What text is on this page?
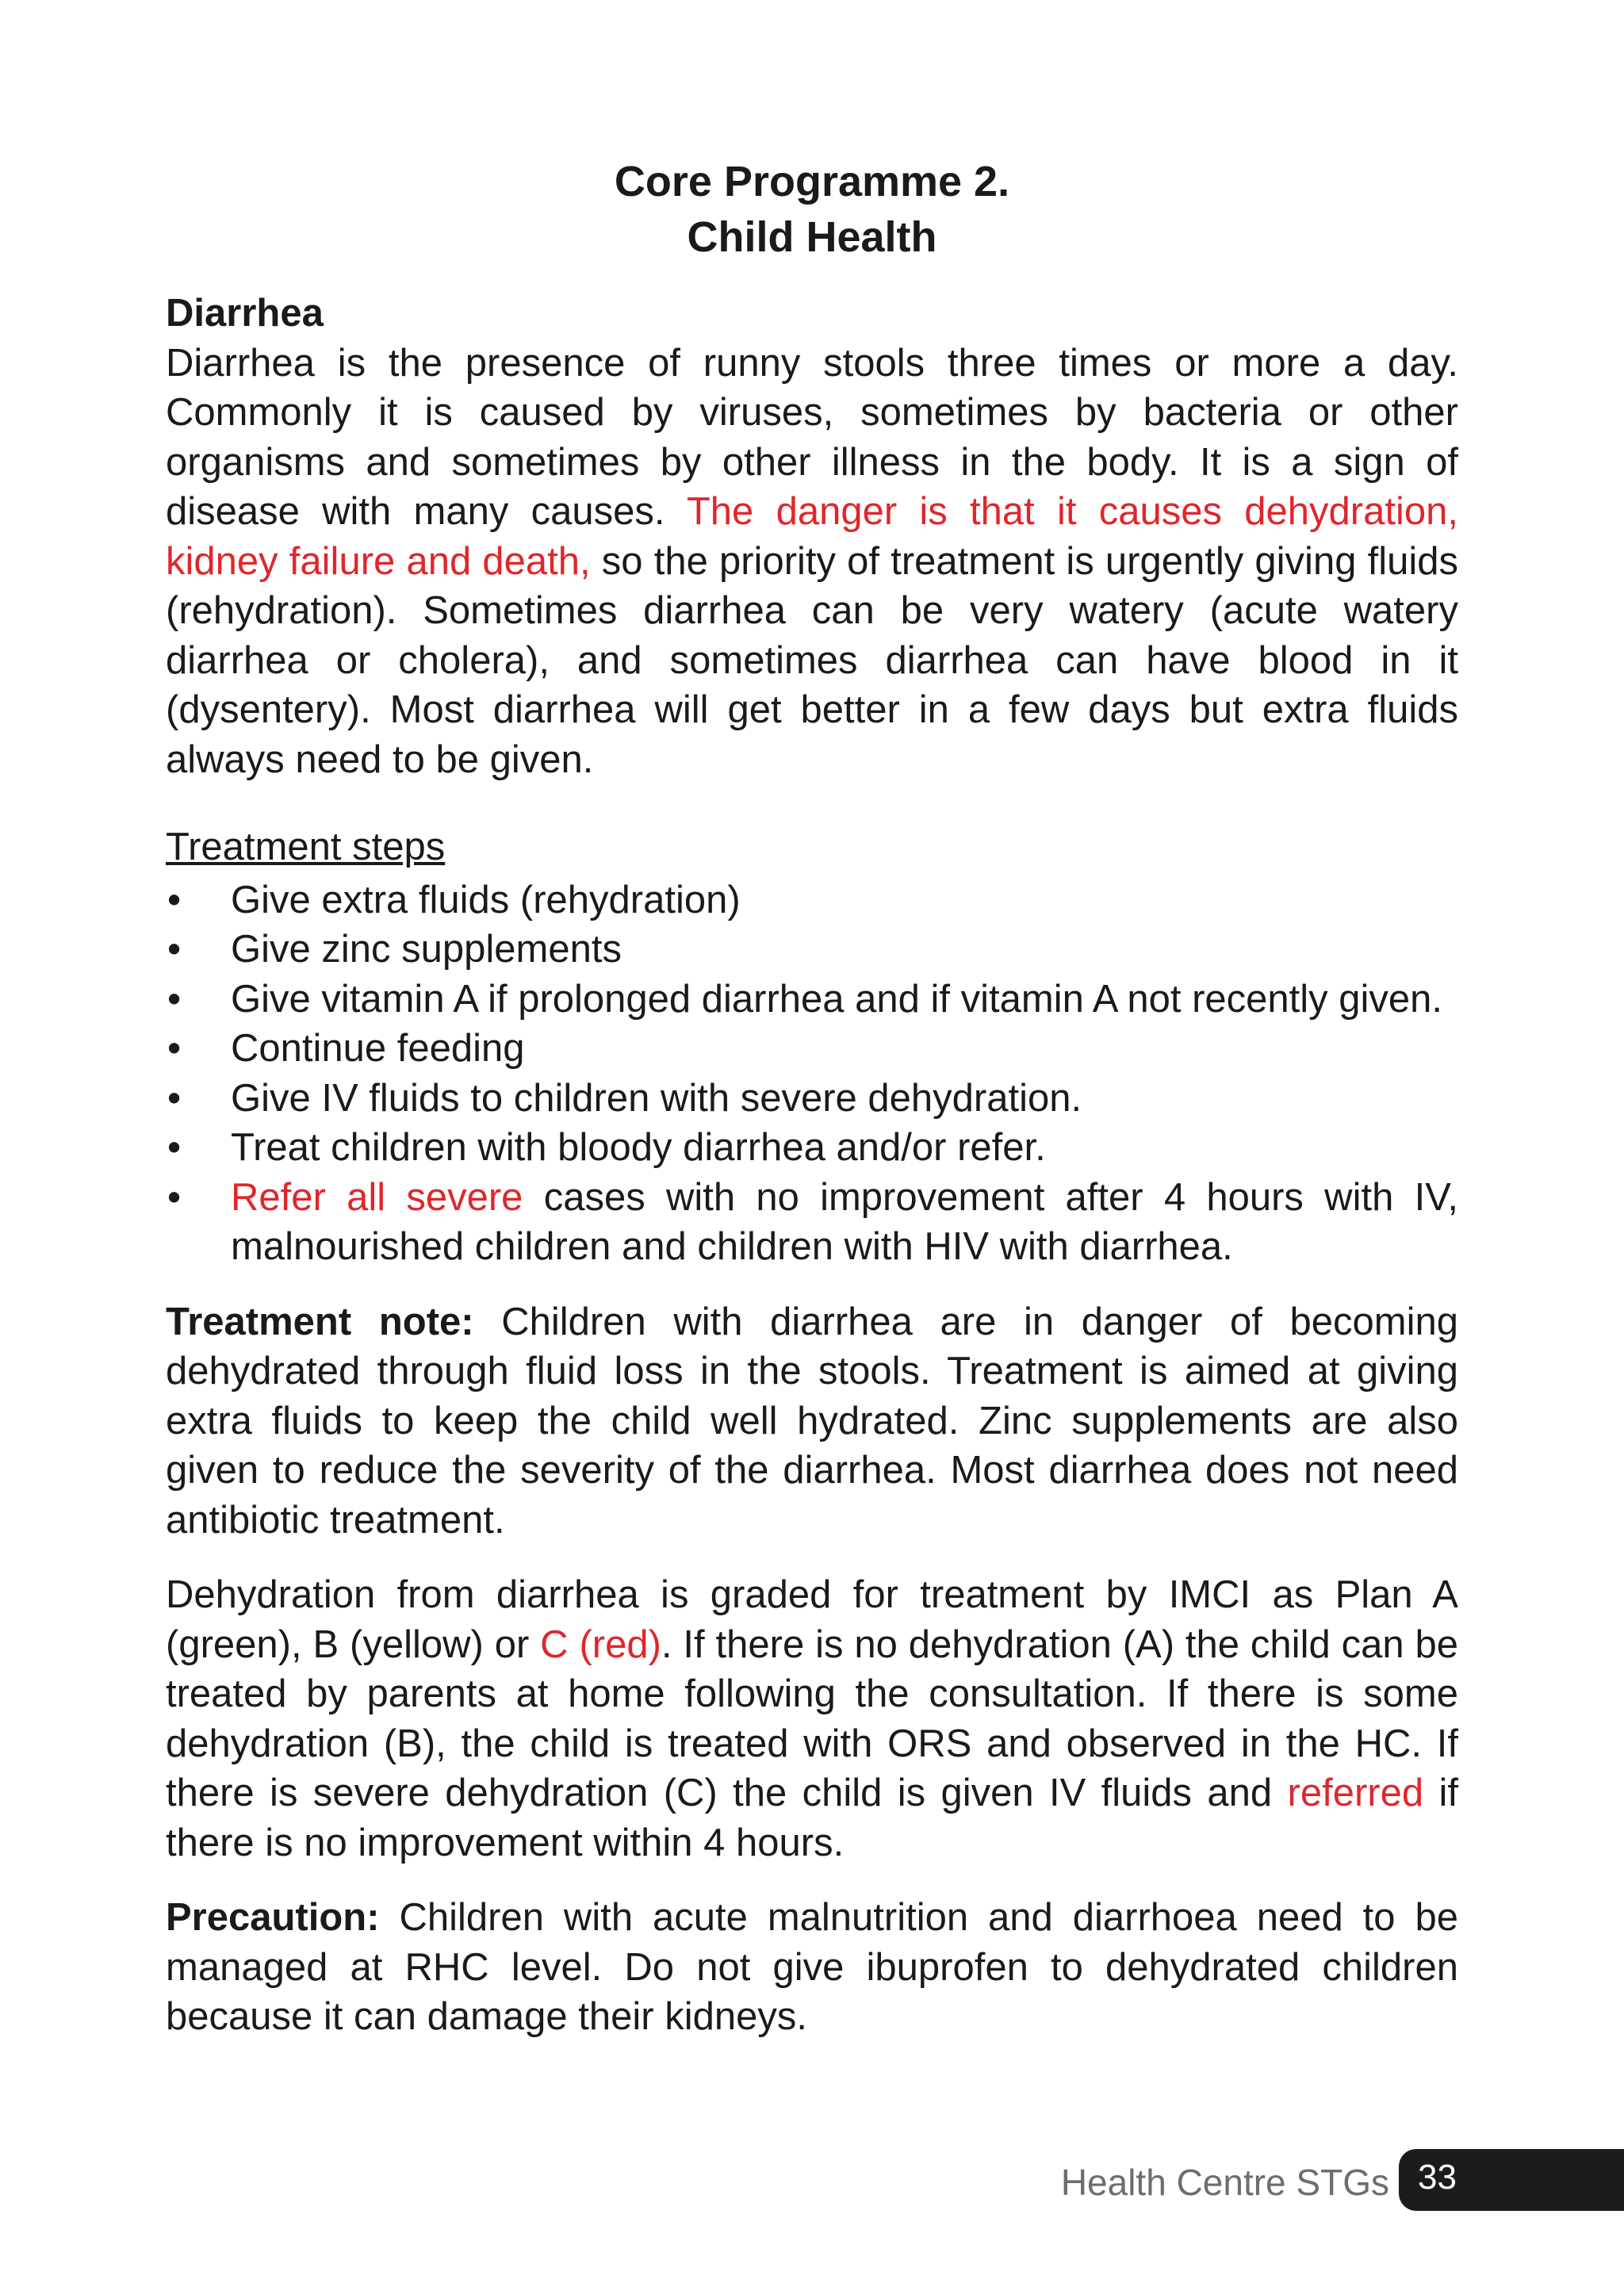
Core Programme 2.
Child Health

Diarrhea

Diarrhea is the presence of runny stools three times or more a day. Commonly it is caused by viruses, sometimes by bacteria or other organisms and sometimes by other illness in the body. It is a sign of disease with many causes. The danger is that it causes dehydration, kidney failure and death, so the priority of treatment is urgently giving fluids (rehydration). Sometimes diarrhea can be very watery (acute watery diarrhea or cholera), and sometimes diarrhea can have blood in it (dysentery). Most diarrhea will get better in a few days but extra fluids always need to be given.

Treatment steps

• Give extra fluids (rehydration)
• Give zinc supplements
• Give vitamin A if prolonged diarrhea and if vitamin A not recently given.
• Continue feeding
• Give IV fluids to children with severe dehydration.
• Treat children with bloody diarrhea and/or refer.
• Refer all severe cases with no improvement after 4 hours with IV, malnourished children and children with HIV with diarrhea.

Treatment note: Children with diarrhea are in danger of becoming dehydrated through fluid loss in the stools. Treatment is aimed at giving extra fluids to keep the child well hydrated. Zinc supplements are also given to reduce the severity of the diarrhea. Most diarrhea does not need antibiotic treatment.

Dehydration from diarrhea is graded for treatment by IMCI as Plan A (green), B (yellow) or C (red). If there is no dehydration (A) the child can be treated by parents at home following the consultation. If there is some dehydration (B), the child is treated with ORS and observed in the HC. If there is severe dehydration (C) the child is given IV fluids and referred if there is no improvement within 4 hours.

Precaution: Children with acute malnutrition and diarrhoea need to be managed at RHC level. Do not give ibuprofen to dehydrated children because it can damage their kidneys.

Health Centre STGs 33
